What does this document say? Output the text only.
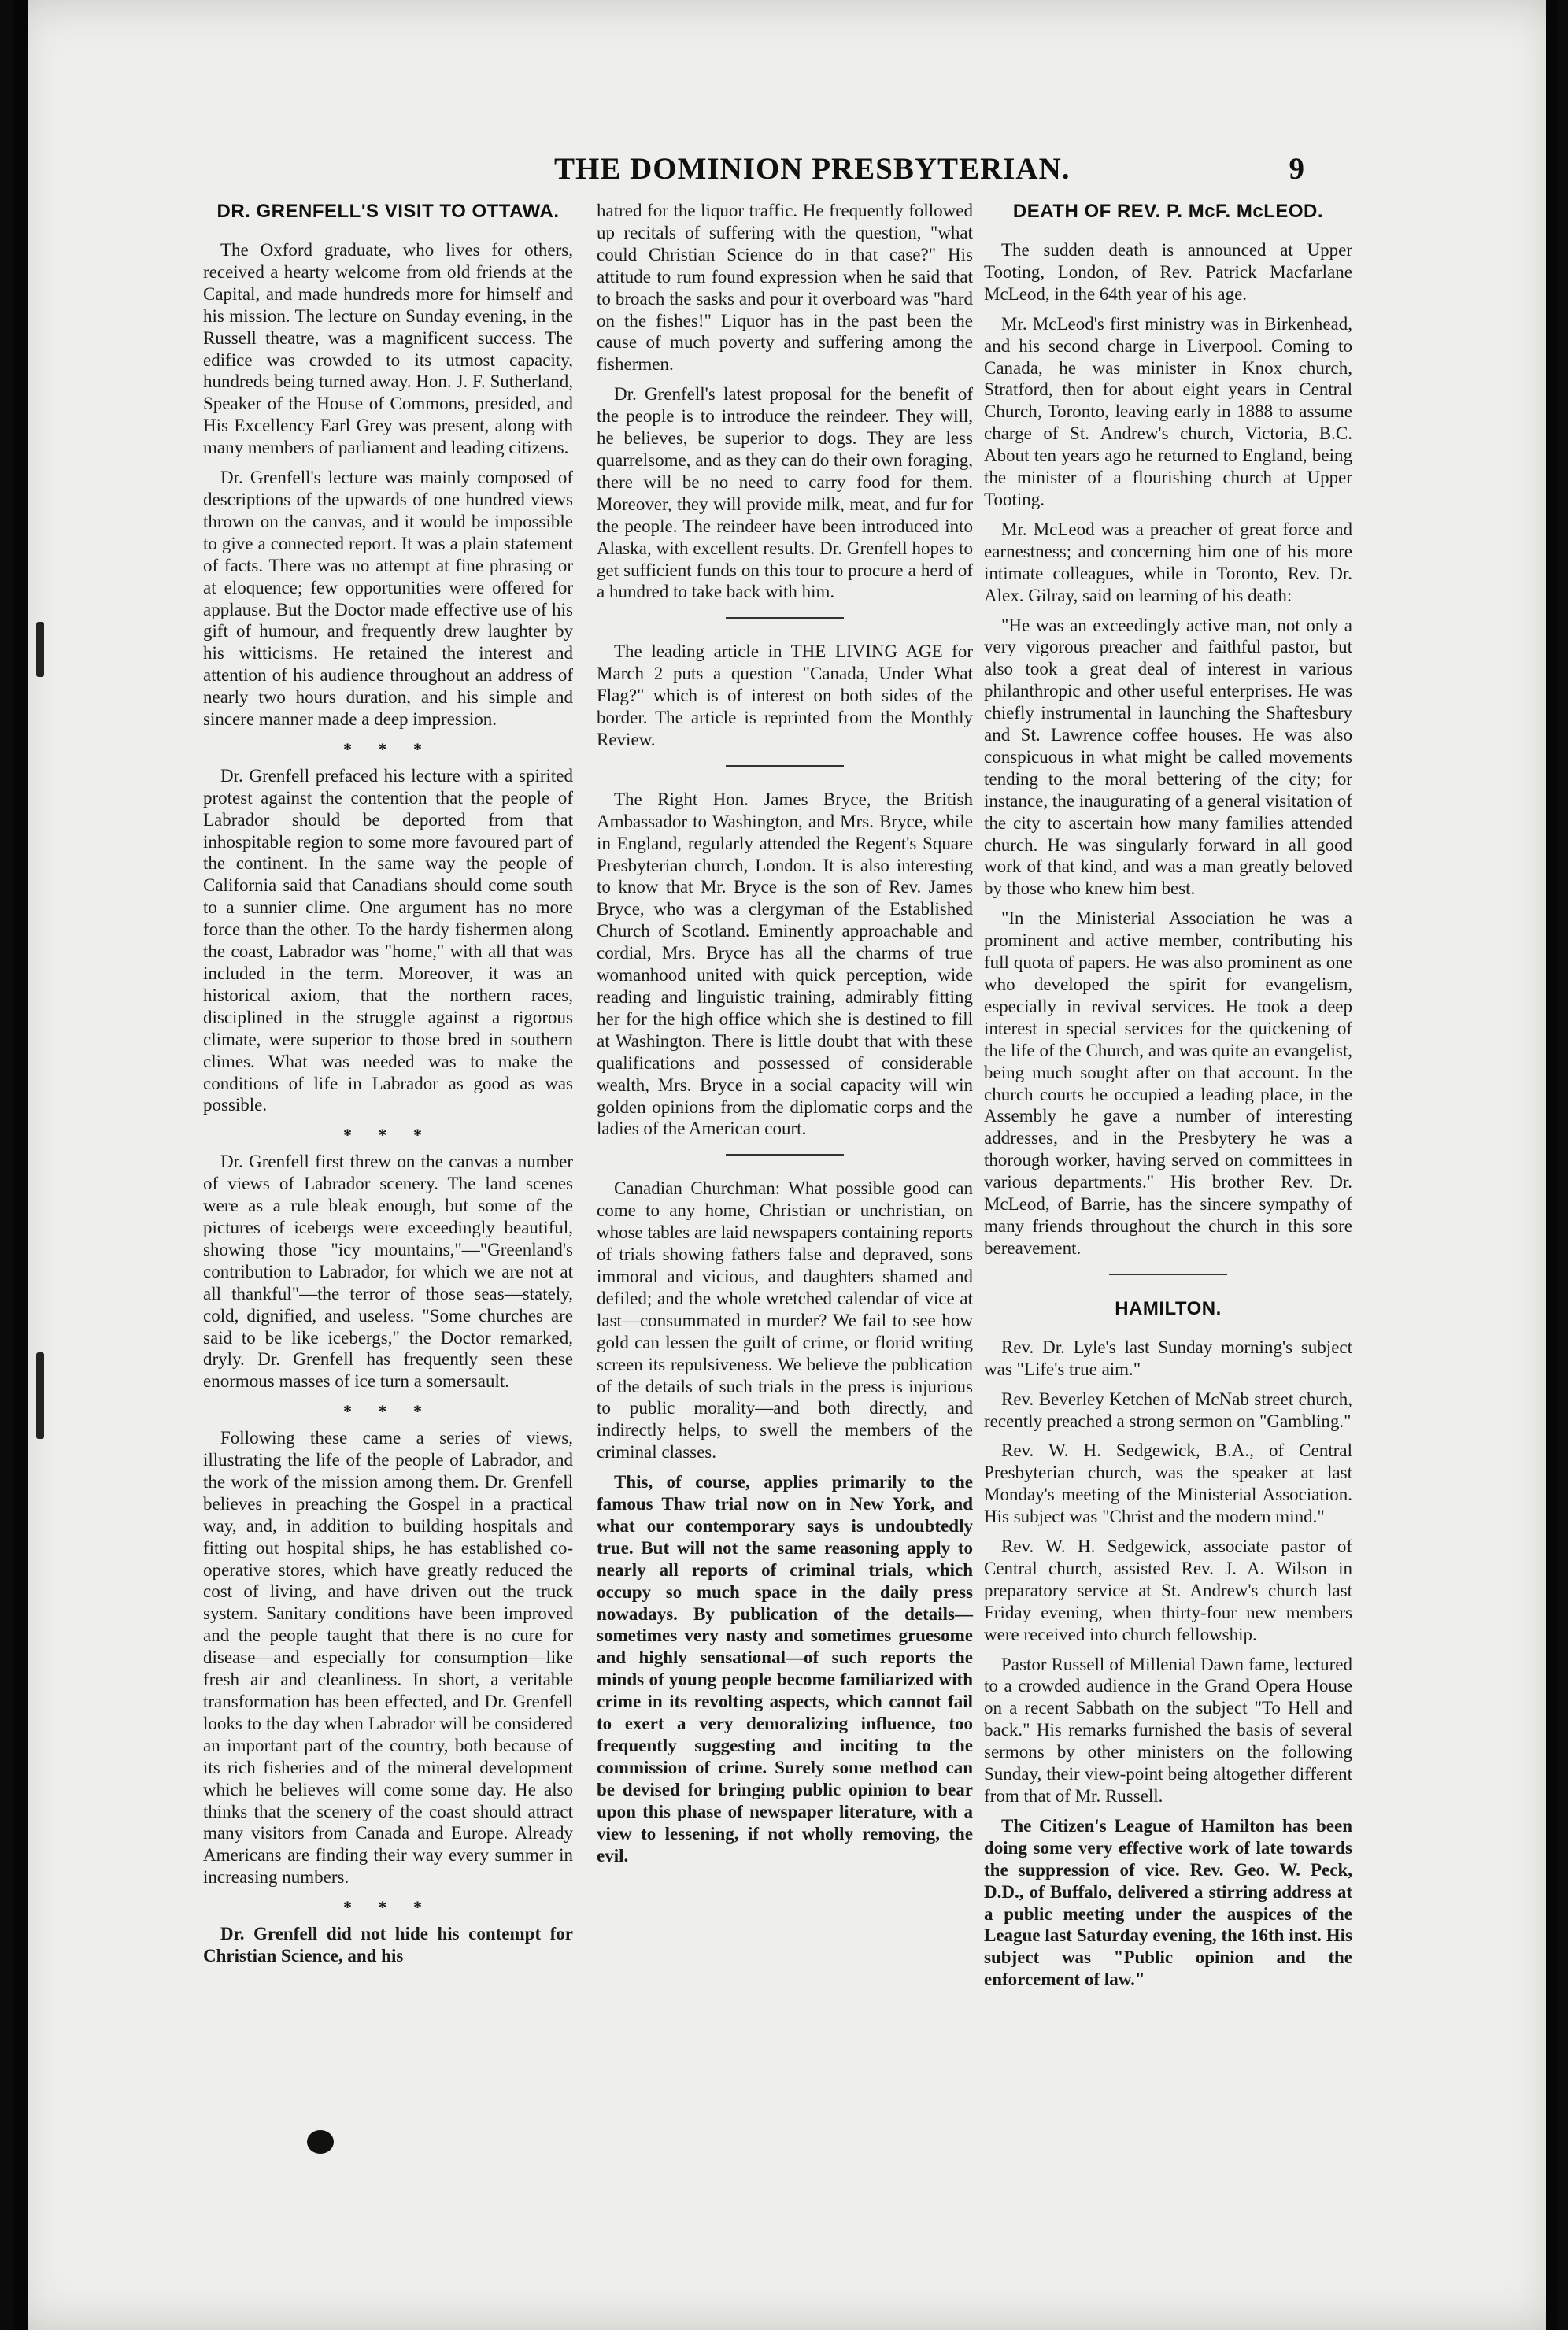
THE DOMINION PRESBYTERIAN.	9
DR. GRENFELL'S VISIT TO OTTAWA.

The Oxford graduate, who lives for others, received a hearty welcome from old friends at the Capital, and made hundreds more for himself and his mission. The lecture on Sunday evening, in the Russell theatre, was a magnificent success. The edifice was crowded to its utmost capacity, hundreds being turned away. Hon. J. F. Sutherland, Speaker of the House of Commons, presided, and His Excellency Earl Grey was present, along with many members of parliament and leading citizens.

Dr. Grenfell's lecture was mainly composed of descriptions of the upwards of one hundred views thrown on the canvas, and it would be impossible to give a connected report. It was a plain statement of facts. There was no attempt at fine phrasing or at eloquence; few opportunities were offered for applause. But the Doctor made effective use of his gift of humour, and frequently drew laughter by his witticisms. He retained the interest and attention of his audience throughout an address of nearly two hours duration, and his simple and sincere manner made a deep impression.

* * *

Dr. Grenfell prefaced his lecture with a spirited protest against the contention that the people of Labrador should be deported from that inhospitable region to some more favoured part of the continent. In the same way the people of California said that Canadians should come south to a sunnier clime. One argument has no more force than the other. To the hardy fishermen along the coast, Labrador was "home," with all that was included in the term. Moreover, it was an historical axiom, that the northern races, disciplined in the struggle against a rigorous climate, were superior to those bred in southern climes. What was needed was to make the conditions of life in Labrador as good as was possible.

* * *

Dr. Grenfell first threw on the canvas a number of views of Labrador scenery. The land scenes were as a rule bleak enough, but some of the pictures of icebergs were exceedingly beautiful, showing those "icy mountains,"—"Greenland's contribution to Labrador, for which we are not at all thankful"—the terror of those seas—stately, cold, dignified, and useless. "Some churches are said to be like icebergs," the Doctor remarked, dryly. Dr. Grenfell has frequently seen these enormous masses of ice turn a somersault.

* * *

Following these came a series of views, illustrating the life of the people of Labrador, and the work of the mission among them. Dr. Grenfell believes in preaching the Gospel in a practical way, and, in addition to building hospitals and fitting out hospital ships, he has established co-operative stores, which have greatly reduced the cost of living, and have driven out the truck system. Sanitary conditions have been improved and the people taught that there is no cure for disease—and especially for consumption—like fresh air and cleanliness. In short, a veritable transformation has been effected, and Dr. Grenfell looks to the day when Labrador will be considered an important part of the country, both because of its rich fisheries and of the mineral development which he believes will come some day. He also thinks that the scenery of the coast should attract many visitors from Canada and Europe. Already Americans are finding their way every summer in increasing numbers.

* * *

Dr. Grenfell did not hide his contempt for Christian Science, and his

hatred for the liquor traffic. He frequently followed up recitals of suffering with the question, "what could Christian Science do in that case?" His attitude to rum found expression when he said that to broach the sasks and pour it overboard was "hard on the fishes!" Liquor has in the past been the cause of much poverty and suffering among the fishermen.

Dr. Grenfell's latest proposal for the benefit of the people is to introduce the reindeer. They will, he believes, be superior to dogs. They are less quarrelsome, and as they can do their own foraging, there will be no need to carry food for them. Moreover, they will provide milk, meat, and fur for the people. The reindeer have been introduced into Alaska, with excellent results. Dr. Grenfell hopes to get sufficient funds on this tour to procure a herd of a hundred to take back with him.

The leading article in THE LIVING AGE for March 2 puts a question "Canada, Under What Flag?" which is of interest on both sides of the border. The article is reprinted from the Monthly Review.

The Right Hon. James Bryce, the British Ambassador to Washington, and Mrs. Bryce, while in England, regularly attended the Regent's Square Presbyterian church, London. It is also interesting to know that Mr. Bryce is the son of Rev. James Bryce, who was a clergyman of the Established Church of Scotland. Eminently approachable and cordial, Mrs. Bryce has all the charms of true womanhood united with quick perception, wide reading and linguistic training, admirably fitting her for the high office which she is destined to fill at Washington. There is little doubt that with these qualifications and possessed of considerable wealth, Mrs. Bryce in a social capacity will win golden opinions from the diplomatic corps and the ladies of the American court.

Canadian Churchman: What possible good can come to any home, Christian or unchristian, on whose tables are laid newspapers containing reports of trials showing fathers false and depraved, sons immoral and vicious, and daughters shamed and defiled; and the whole wretched calendar of vice at last—consummated in murder? We fail to see how gold can lessen the guilt of crime, or florid writing screen its repulsiveness. We believe the publication of the details of such trials in the press is injurious to public morality—and both directly, and indirectly helps, to swell the members of the criminal classes.

This, of course, applies primarily to the famous Thaw trial now on in New York, and what our contemporary says is undoubtedly true. But will not the same reasoning apply to nearly all reports of criminal trials, which occupy so much space in the daily press nowadays. By publication of the details—sometimes very nasty and sometimes gruesome and highly sensational—of such reports the minds of young people become familiarized with crime in its revolting aspects, which cannot fail to exert a very demoralizing influence, too frequently suggesting and inciting to the commission of crime. Surely some method can be devised for bringing public opinion to bear upon this phase of newspaper literature, with a view to lessening, if not wholly removing, the evil.

DEATH OF REV. P. McF. McLEOD.

The sudden death is announced at Upper Tooting, London, of Rev. Patrick Macfarlane McLeod, in the 64th year of his age.

Mr. McLeod's first ministry was in Birkenhead, and his second charge in Liverpool. Coming to Canada, he was minister in Knox church, Stratford, then for about eight years in Central Church, Toronto, leaving early in 1888 to assume charge of St. Andrew's church, Victoria, B.C. About ten years ago he returned to England, being the minister of a flourishing church at Upper Tooting.

Mr. McLeod was a preacher of great force and earnestness; and concerning him one of his more intimate colleagues, while in Toronto, Rev. Dr. Alex. Gilray, said on learning of his death:

"He was an exceedingly active man, not only a very vigorous preacher and faithful pastor, but also took a great deal of interest in various philanthropic and other useful enterprises. He was chiefly instrumental in launching the Shaftesbury and St. Lawrence coffee houses. He was also conspicuous in what might be called movements tending to the moral bettering of the city; for instance, the inaugurating of a general visitation of the city to ascertain how many families attended church. He was singularly forward in all good work of that kind, and was a man greatly beloved by those who knew him best.

"In the Ministerial Association he was a prominent and active member, contributing his full quota of papers. He was also prominent as one who developed the spirit for evangelism, especially in revival services. He took a deep interest in special services for the quickening of the life of the Church, and was quite an evangelist, being much sought after on that account. In the church courts he occupied a leading place, in the Assembly he gave a number of interesting addresses, and in the Presbytery he was a thorough worker, having served on committees in various departments." His brother Rev. Dr. McLeod, of Barrie, has the sincere sympathy of many friends throughout the church in this sore bereavement.

HAMILTON.

Rev. Dr. Lyle's last Sunday morning's subject was "Life's true aim."

Rev. Beverley Ketchen of McNab street church, recently preached a strong sermon on "Gambling."

Rev. W. H. Sedgewick, B.A., of Central Presbyterian church, was the speaker at last Monday's meeting of the Ministerial Association. His subject was "Christ and the modern mind."

Rev. W. H. Sedgewick, associate pastor of Central church, assisted Rev. J. A. Wilson in preparatory service at St. Andrew's church last Friday evening, when thirty-four new members were received into church fellowship.

Pastor Russell of Millenial Dawn fame, lectured to a crowded audience in the Grand Opera House on a recent Sabbath on the subject "To Hell and back." His remarks furnished the basis of several sermons by other ministers on the following Sunday, their view-point being altogether different from that of Mr. Russell.

The Citizen's League of Hamilton has been doing some very effective work of late towards the suppression of vice. Rev. Geo. W. Peck, D.D., of Buffalo, delivered a stirring address at a public meeting under the auspices of the League last Saturday evening, the 16th inst. His subject was "Public opinion and the enforcement of law."
